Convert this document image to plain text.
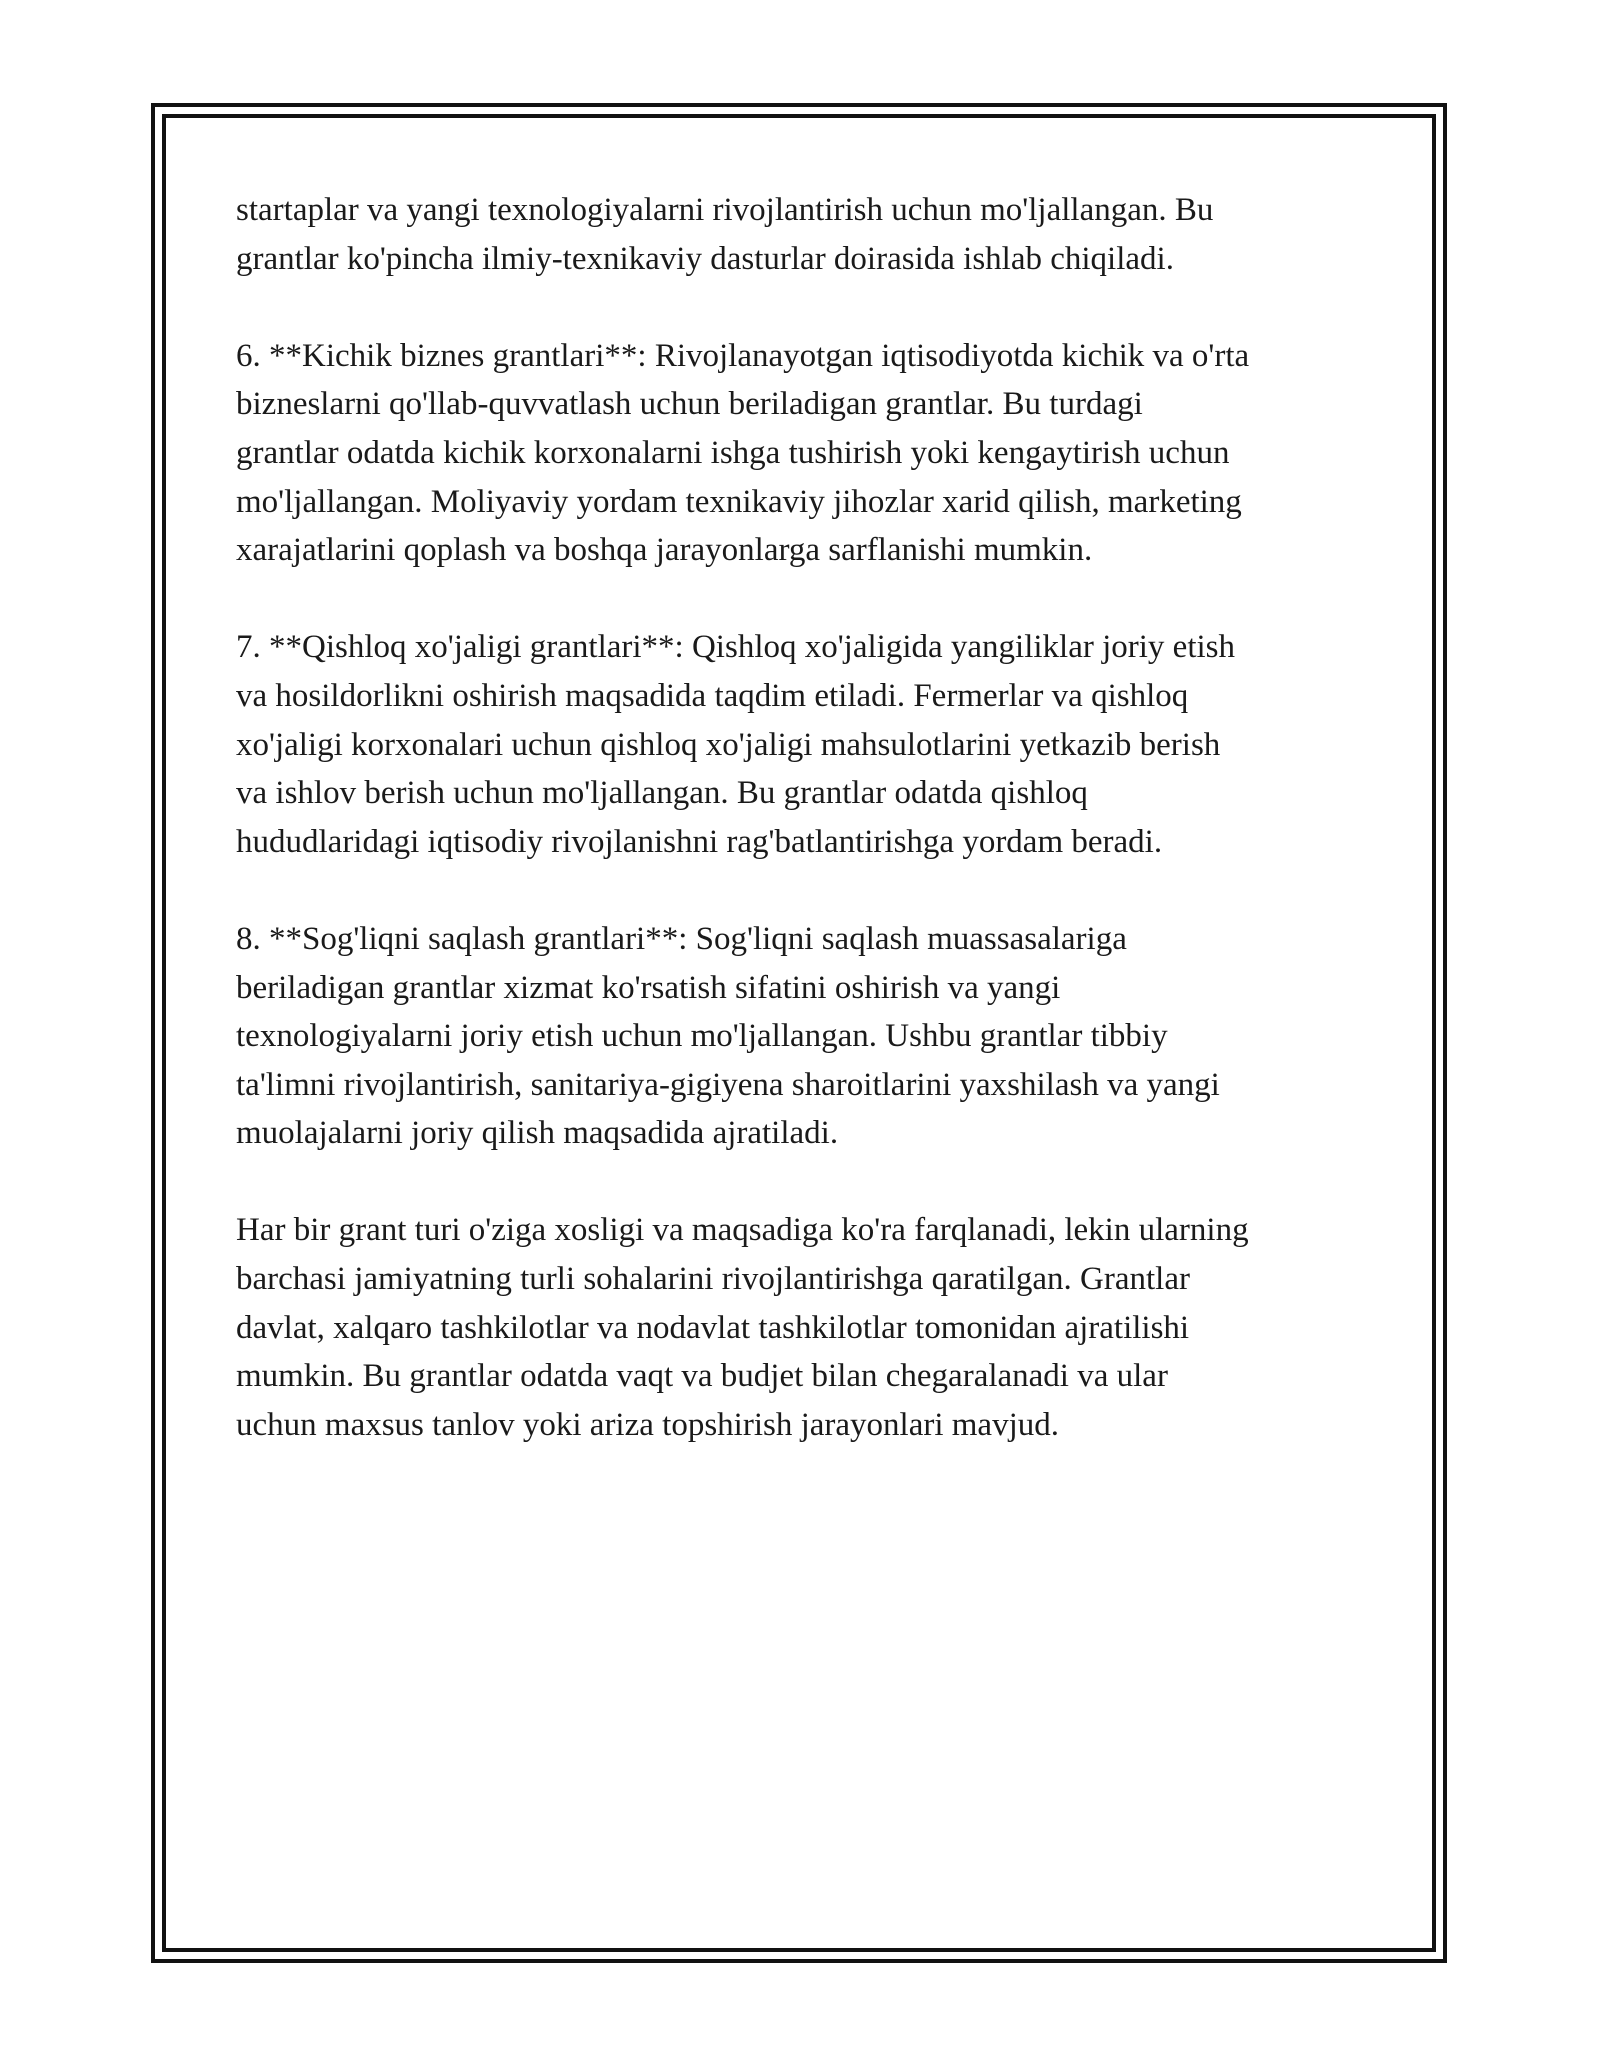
startaplar va yangi texnologiyalarni rivojlantirish uchun mo'ljallangan. Bu
grantlar ko'pincha ilmiy-texnikaviy dasturlar doirasida ishlab chiqiladi.

6. **Kichik biznes grantlari**: Rivojlanayotgan iqtisodiyotda kichik va o'rta
bizneslarni qo'llab-quvvatlash uchun beriladigan grantlar. Bu turdagi
grantlar odatda kichik korxonalarni ishga tushirish yoki kengaytirish uchun
mo'ljallangan. Moliyaviy yordam texnikaviy jihozlar xarid qilish, marketing
xarajatlarini qoplash va boshqa jarayonlarga sarflanishi mumkin.

7. **Qishloq xo'jaligi grantlari**: Qishloq xo'jaligida yangiliklar joriy etish
va hosildorlikni oshirish maqsadida taqdim etiladi. Fermerlar va qishloq
xo'jaligi korxonalari uchun qishloq xo'jaligi mahsulotlarini yetkazib berish
va ishlov berish uchun mo'ljallangan. Bu grantlar odatda qishloq
hududlaridagi iqtisodiy rivojlanishni rag'batlantirishga yordam beradi.

8. **Sog'liqni saqlash grantlari**: Sog'liqni saqlash muassasalariga
beriladigan grantlar xizmat ko'rsatish sifatini oshirish va yangi
texnologiyalarni joriy etish uchun mo'ljallangan. Ushbu grantlar tibbiy
ta'limni rivojlantirish, sanitariya-gigiyena sharoitlarini yaxshilash va yangi
muolajalarni joriy qilish maqsadida ajratiladi.

Har bir grant turi o'ziga xosligi va maqsadiga ko'ra farqlanadi, lekin ularning
barchasi jamiyatning turli sohalarini rivojlantirishga qaratilgan. Grantlar
davlat, xalqaro tashkilotlar va nodavlat tashkilotlar tomonidan ajratilishi
mumkin. Bu grantlar odatda vaqt va budjet bilan chegaralanadi va ular
uchun maxsus tanlov yoki ariza topshirish jarayonlari mavjud.
